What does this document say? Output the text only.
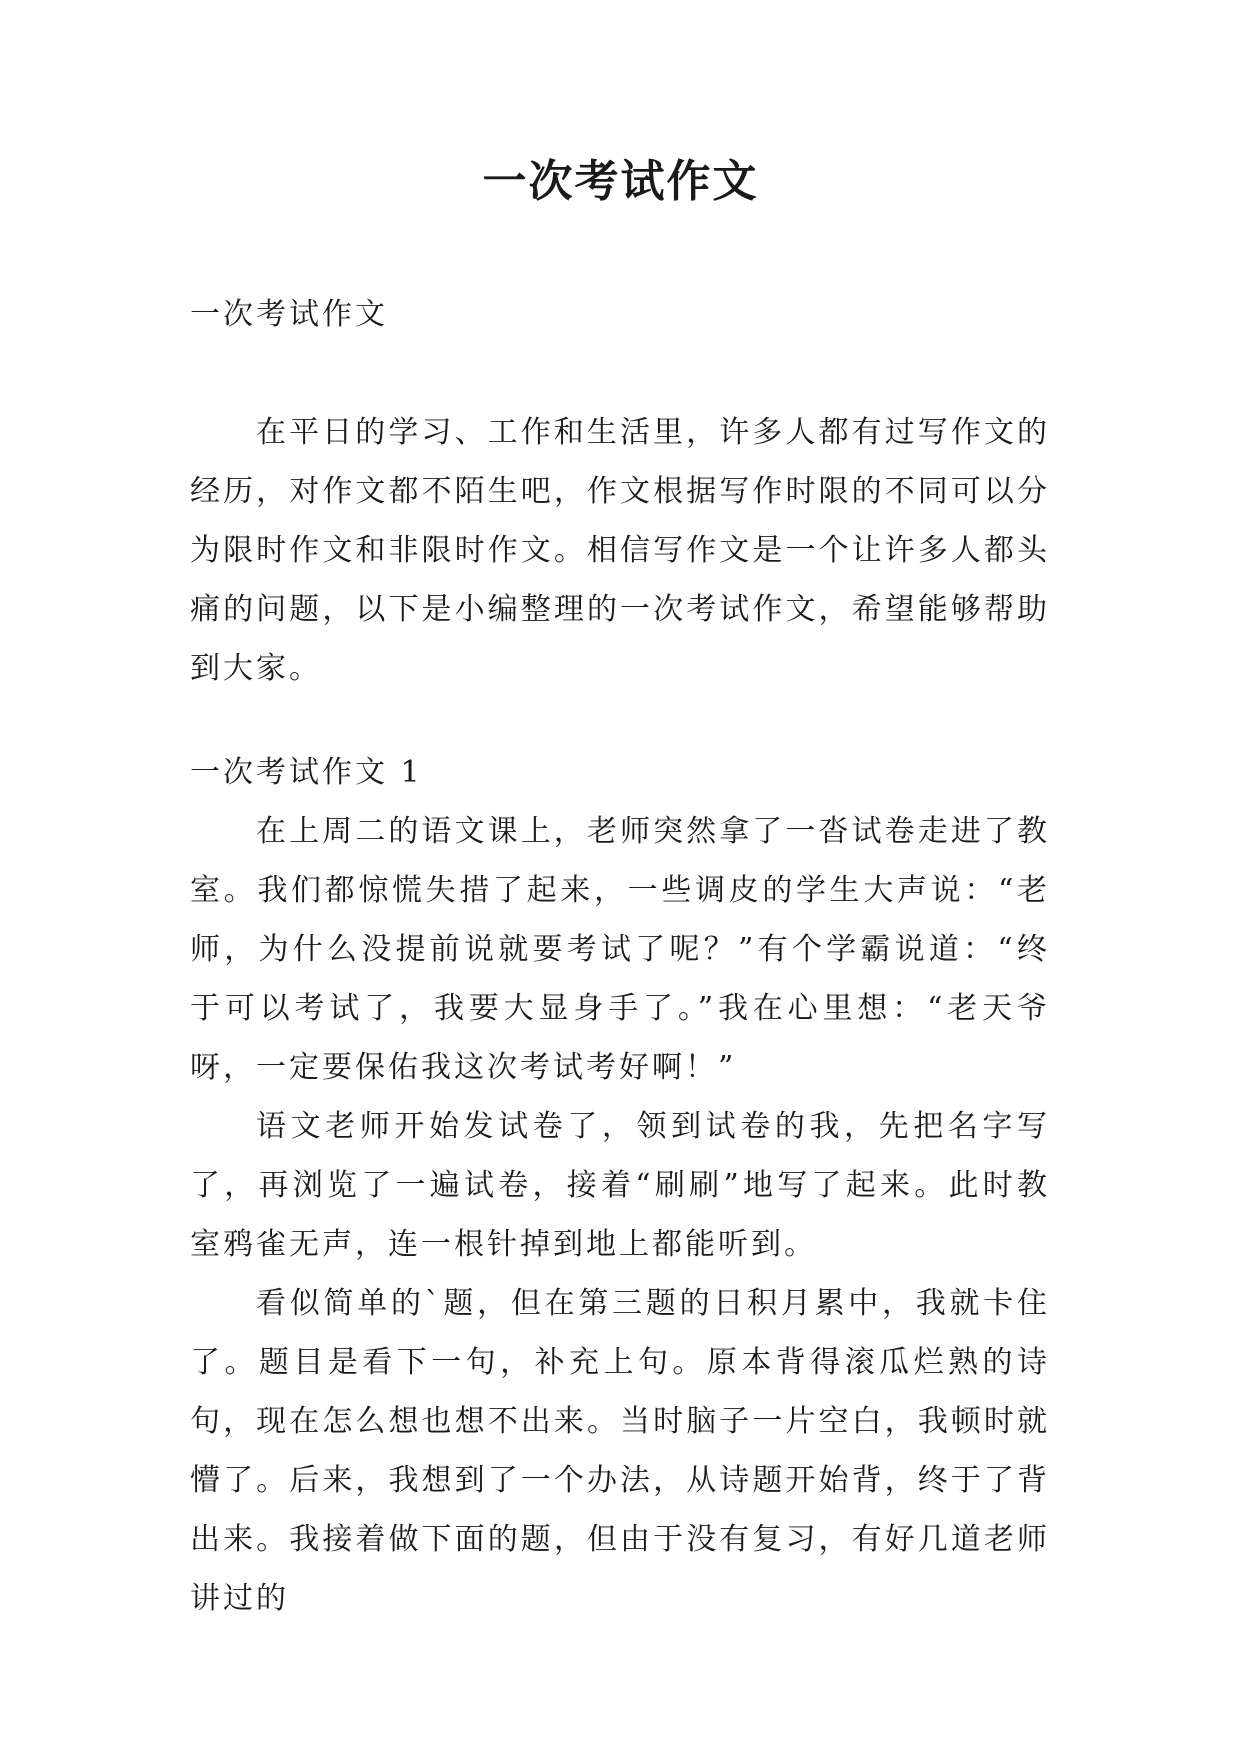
一次考试作文

一次考试作文

在平日的学习、工作和生活里，许多人都有过写作文的经历，对作文都不陌生吧，作文根据写作时限的不同可以分为限时作文和非限时作文。相信写作文是一个让许多人都头痛的问题，以下是小编整理的一次考试作文，希望能够帮助到大家。

一次考试作文 1

在上周二的语文课上，老师突然拿了一沓试卷走进了教室。我们都惊慌失措了起来，一些调皮的学生大声说：“老师，为什么没提前说就要考试了呢？”有个学霸说道：“终于可以考试了，我要大显身手了。”我在心里想：“老天爷呀，一定要保佑我这次考试考好啊！”

语文老师开始发试卷了，领到试卷的我，先把名字写了，再浏览了一遍试卷，接着“刷刷”地写了起来。此时教室鸦雀无声，连一根针掉到地上都能听到。

看似简单的`题，但在第三题的日积月累中，我就卡住了。题目是看下一句，补充上句。原本背得滚瓜烂熟的诗句，现在怎么想也想不出来。当时脑子一片空白，我顿时就懵了。后来，我想到了一个办法，从诗题开始背，终于了背出来。我接着做下面的题，但由于没有复习，有好几道老师讲过的
